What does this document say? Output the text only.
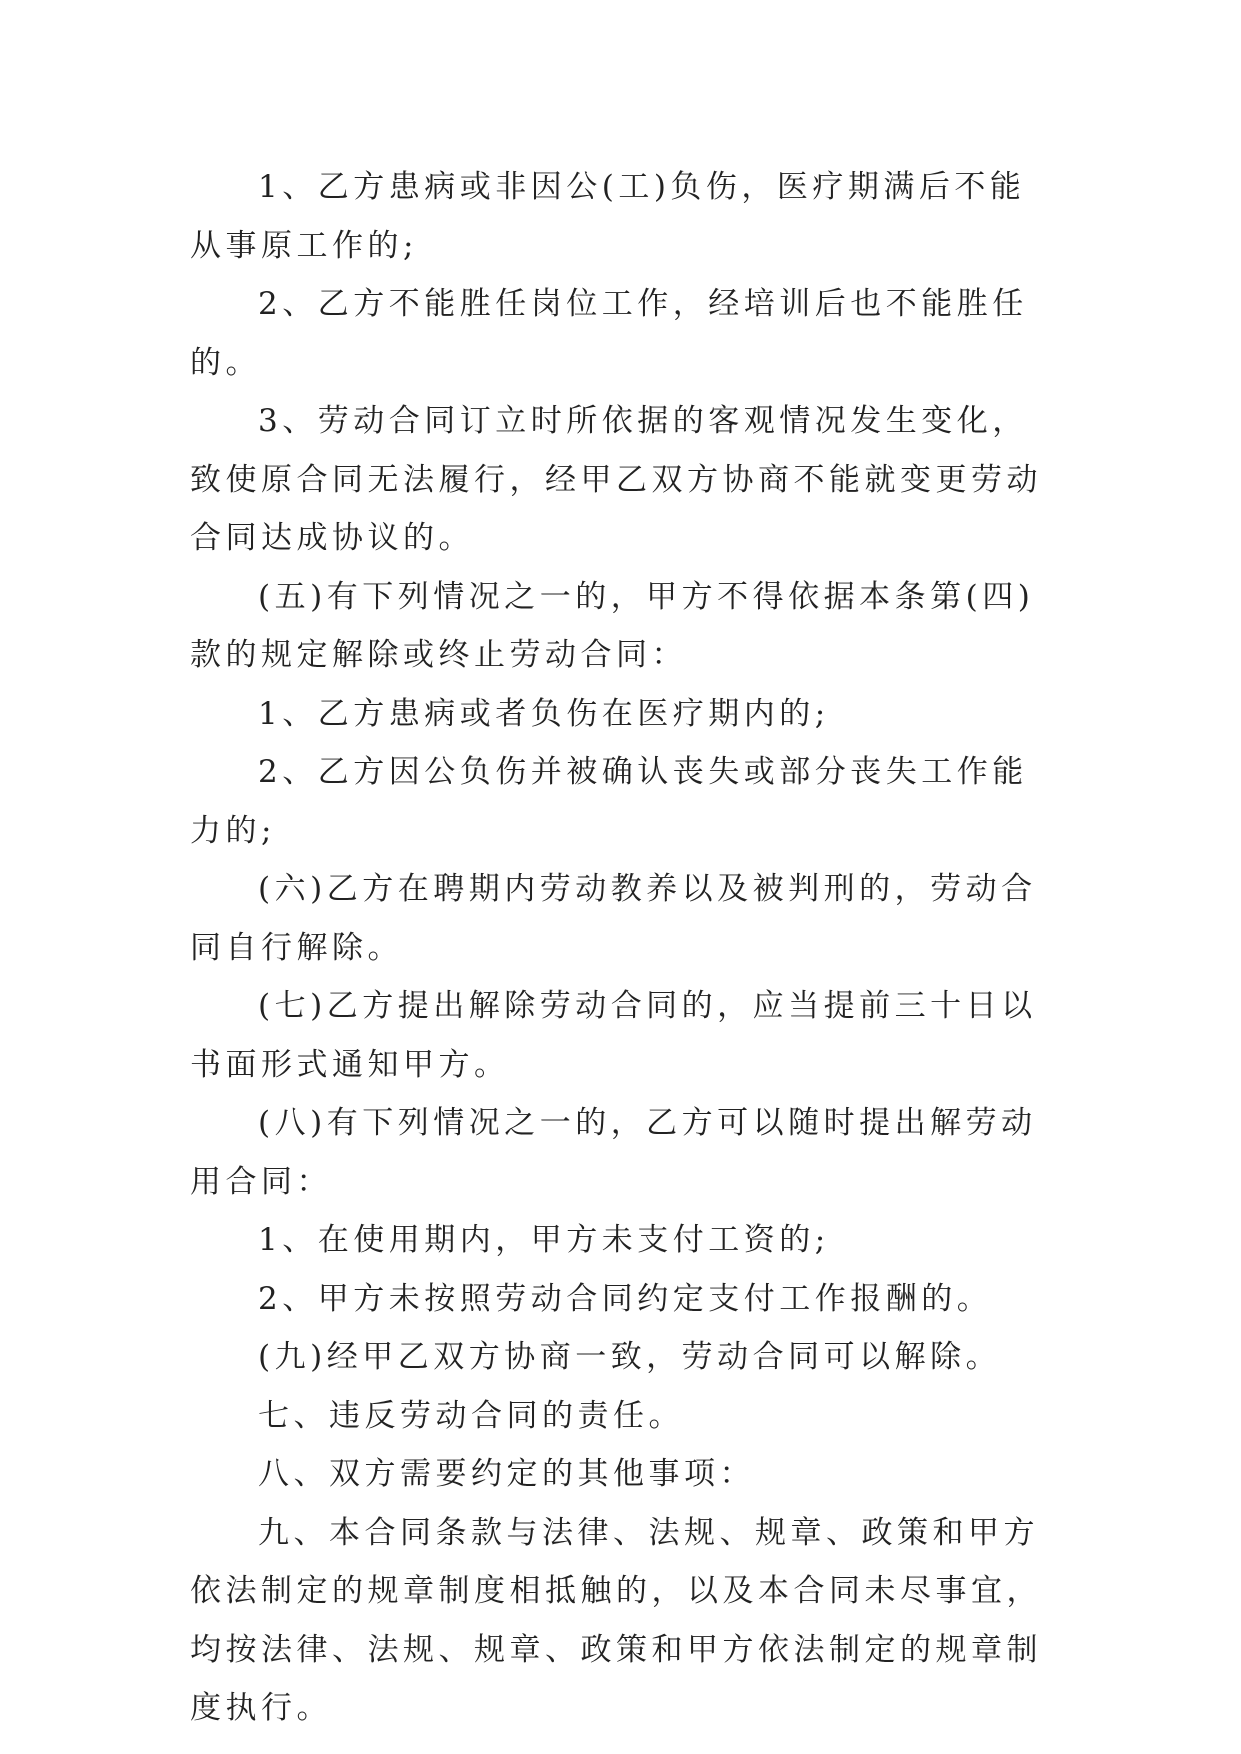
1、乙方患病或非因公(工)负伤，医疗期满后不能从事原工作的;

2、乙方不能胜任岗位工作，经培训后也不能胜任的。

3、劳动合同订立时所依据的客观情况发生变化，致使原合同无法履行，经甲乙双方协商不能就变更劳动合同达成协议的。

(五)有下列情况之一的，甲方不得依据本条第(四)款的规定解除或终止劳动合同：

1、乙方患病或者负伤在医疗期内的;

2、乙方因公负伤并被确认丧失或部分丧失工作能力的;

(六)乙方在聘期内劳动教养以及被判刑的，劳动合同自行解除。

(七)乙方提出解除劳动合同的，应当提前三十日以书面形式通知甲方。

(八)有下列情况之一的，乙方可以随时提出解劳动用合同：

1、在使用期内，甲方未支付工资的;

2、甲方未按照劳动合同约定支付工作报酬的。

(九)经甲乙双方协商一致，劳动合同可以解除。

七、违反劳动合同的责任。

八、双方需要约定的其他事项：

九、本合同条款与法律、法规、规章、政策和甲方依法制定的规章制度相抵触的，以及本合同未尽事宜，均按法律、法规、规章、政策和甲方依法制定的规章制度执行。
